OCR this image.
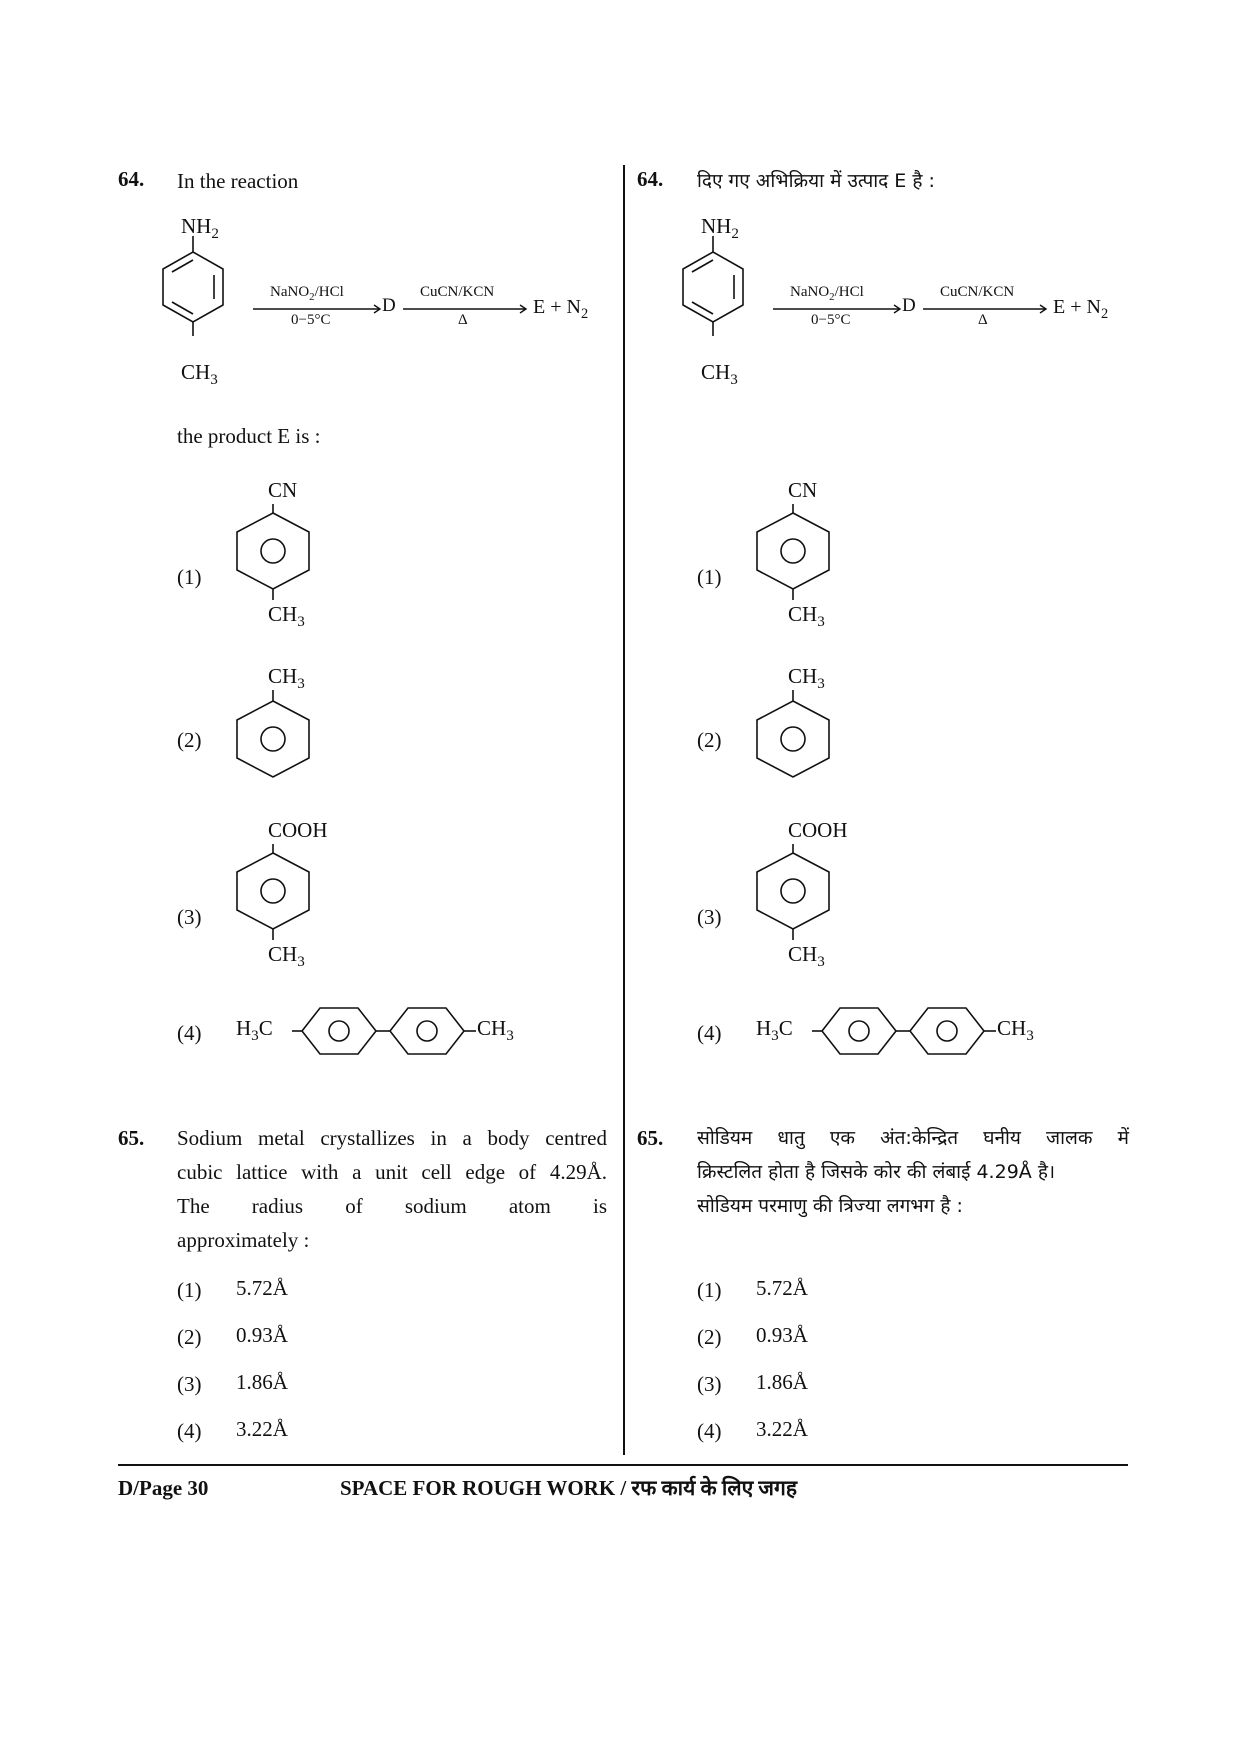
64. In the reaction
$NH_2$
$CH_3$
NaNO$_2$/HCl
0−5°C
D
CuCN/KCN
Δ
$E + N_2$
the product E is :
(1)
CN
$CH_3$
(2)
$CH_3$
(3)
COOH
$CH_3$
(4) $H_3C$	$CH_3$
65. Sodium metal crystallizes in a body centred
cubic lattice with a unit cell edge of 4.29Å.
The radius of sodium atom is
approximately :
(1) 5.72Å
(2) 0.93Å
(3) 1.86Å
(4) 3.22Å
64. दिए गए अभिक्रिया में उत्पाद E है :
$NH_2$
$CH_3$
NaNO$_2$/HCl
0−5°C
D
CuCN/KCN
Δ
$E + N_2$
(1)
CN
$CH_3$
(2)
$CH_3$
(3)
COOH
$CH_3$
(4) $H_3C$	$CH_3$
65. सोडियम धातु एक अंत:केन्द्रित घनीय जालक में
क्रिस्टलित होता है जिसके कोर की लंबाई 4.29Å है।
सोडियम परमाणु की त्रिज्या लगभग है :
(1) 5.72Å
(2) 0.93Å
(3) 1.86Å
(4) 3.22Å
D/Page 30	SPACE FOR ROUGH WORK / रफ कार्य के लिए जगह
